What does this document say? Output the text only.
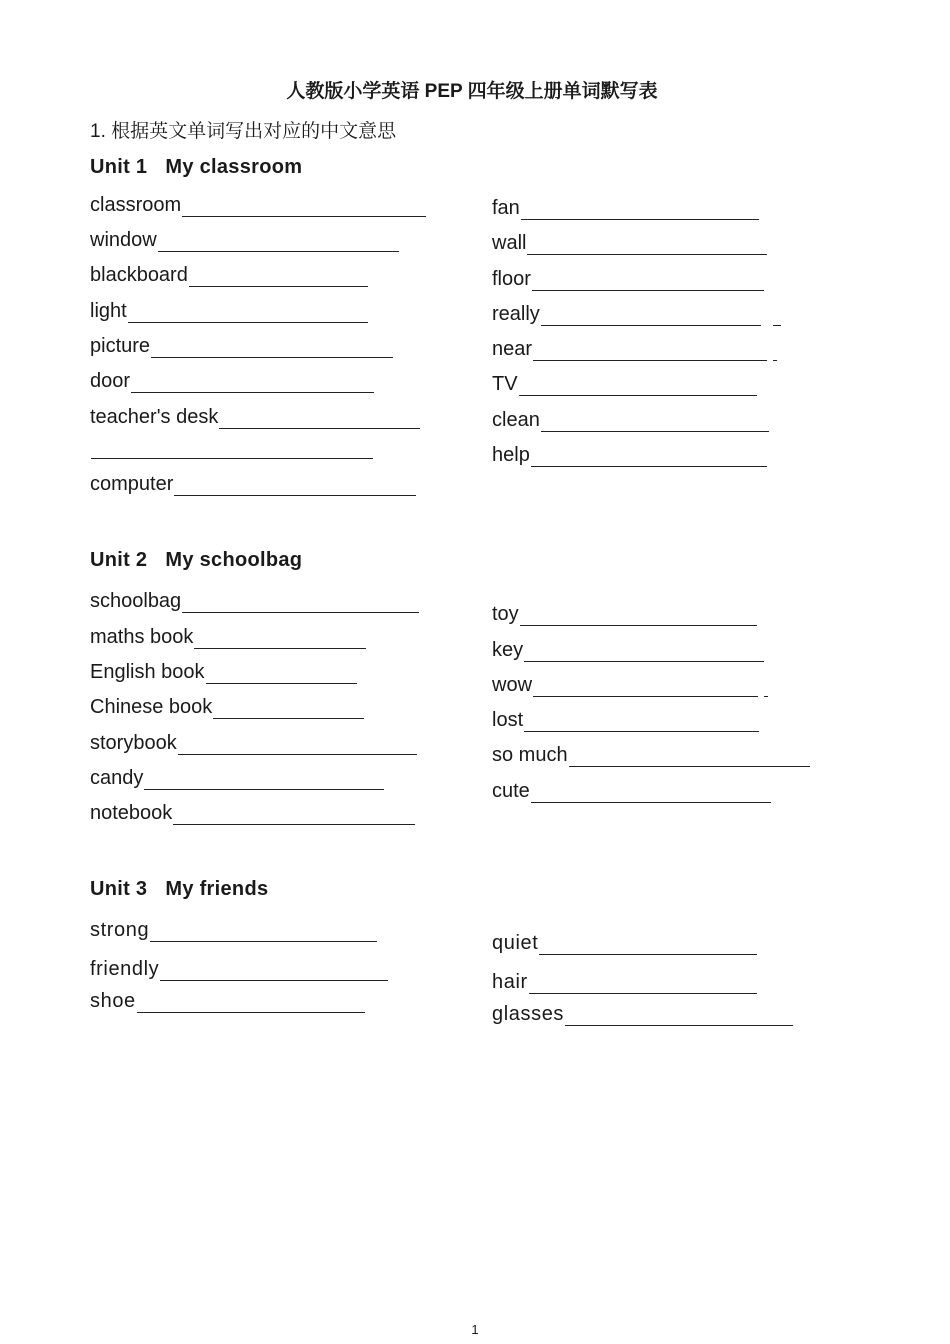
人教版小学英语 PEP 四年级上册单词默写表
1. 根据英文单词写出对应的中文意思
Unit 1 My classroom
classroom
window
blackboard
light
picture
door
teacher's desk
computer
fan
wall
floor
really
near
TV
clean
help
Unit 2 My schoolbag
schoolbag
maths book
English book
Chinese book
storybook
candy
notebook
toy
key
wow
lost
so much
cute
Unit 3 My friends
strong
friendly
shoe
quiet
hair
glasses
1
